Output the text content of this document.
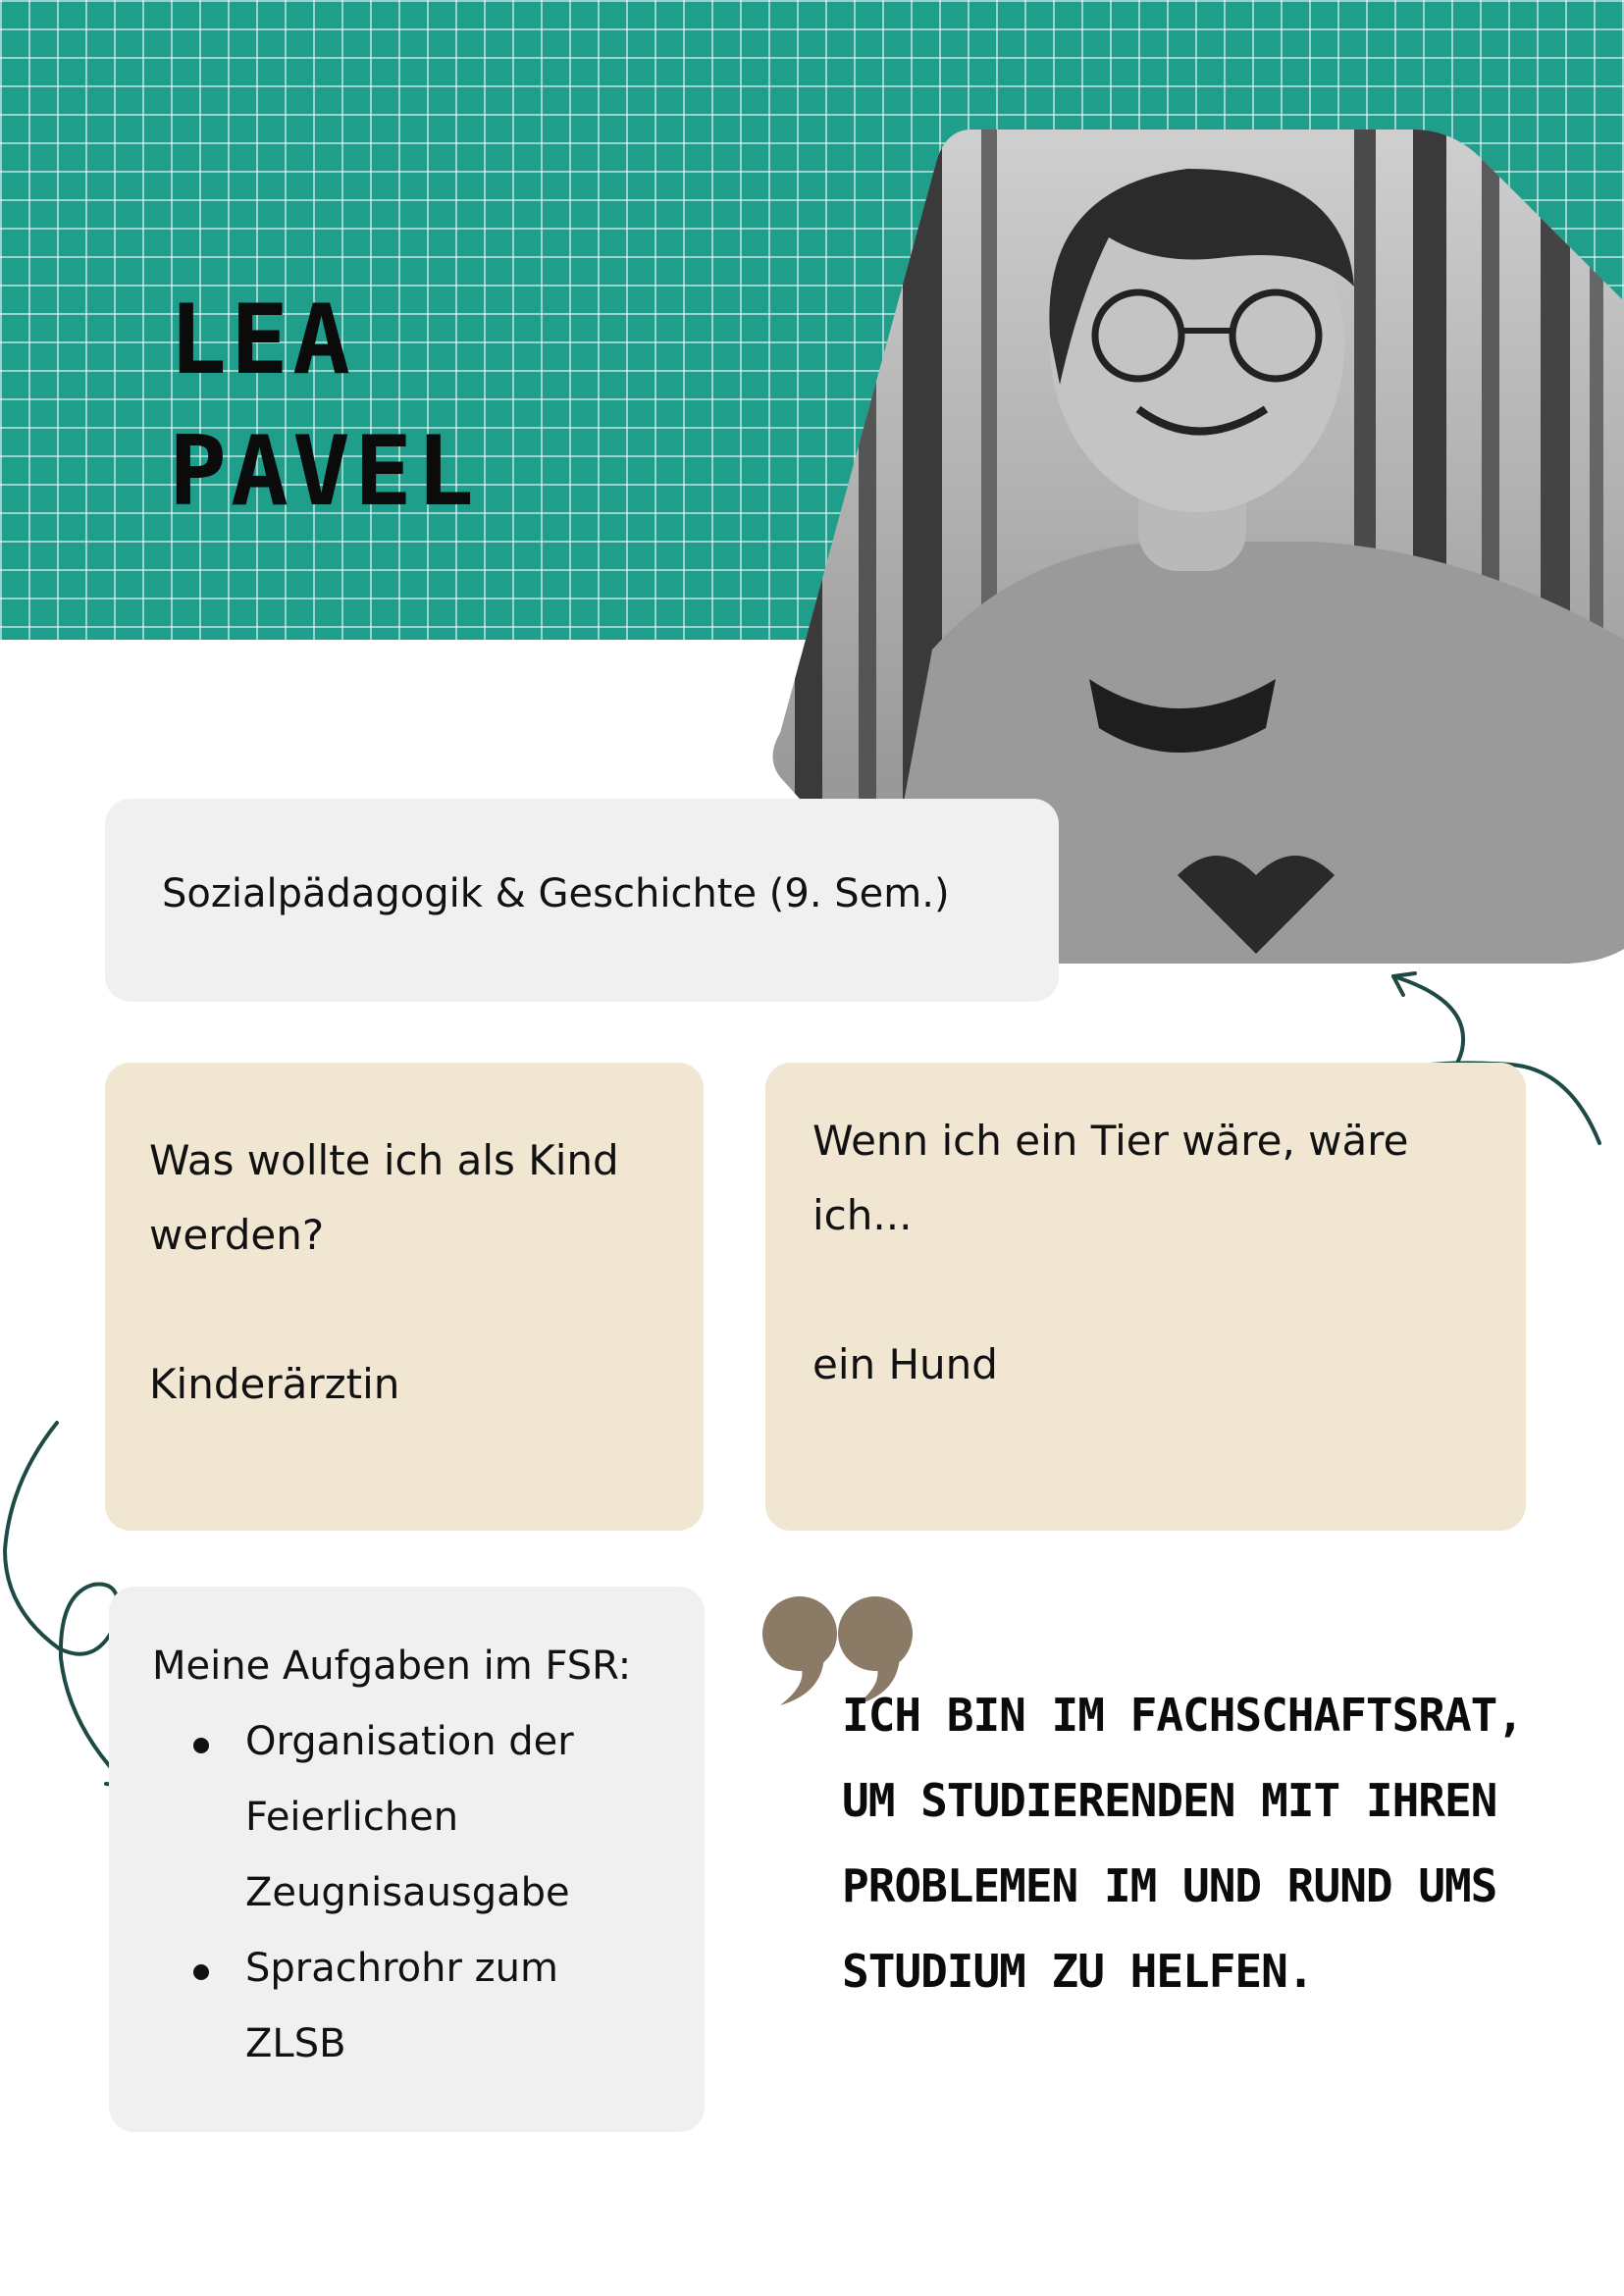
LEA
PAVEL
Sozialpädagogik & Geschichte (9. Sem.)
Was wollte ich als Kind
werden?
Kinderärztin
Wenn ich ein Tier wäre, wäre
ich...
ein Hund
Meine Aufgaben im FSR:
Organisation der
Feierlichen
Zeugnisausgabe
Sprachrohr zum
ZLSB
ICH BIN IM FACHSCHAFTSRAT, UM STUDIERENDEN MIT IHREN PROBLEMEN IM UND RUND UMS STUDIUM ZU HELFEN.
